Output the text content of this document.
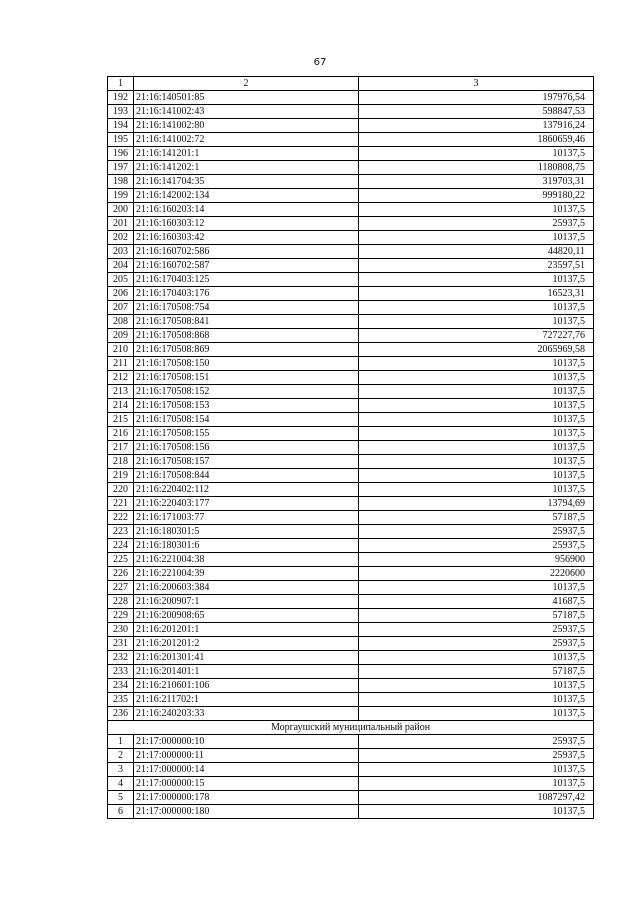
67
1	2	3
192	21:16:140501:85	197976,54
193	21:16:141002:43	598847,53
194	21:16:141002:80	137916,24
195	21:16:141002:72	1860659,46
196	21:16:141201:1	10137,5
197	21:16:141202:1	1180808,75
198	21:16:141704:35	319703,31
199	21:16:142002:134	999180,22
200	21:16:160203:14	10137,5
201	21:16:160303:12	25937,5
202	21:16:160303:42	10137,5
203	21:16:160702:586	44820,11
204	21:16:160702:587	23597,51
205	21:16:170403:125	10137,5
206	21:16:170403:176	16523,31
207	21:16:170508:754	10137,5
208	21:16:170508:841	10137,5
209	21:16:170508:868	727227,76
210	21:16:170508:869	2065969,58
211	21:16:170508:150	10137,5
212	21:16:170508:151	10137,5
213	21:16:170508:152	10137,5
214	21:16:170508:153	10137,5
215	21:16:170508:154	10137,5
216	21:16:170508:155	10137,5
217	21:16:170508:156	10137,5
218	21:16:170508:157	10137,5
219	21:16:170508:844	10137,5
220	21:16:220402:112	10137,5
221	21:16:220403:177	13794,69
222	21:16:171003:77	57187,5
223	21:16:180301:5	25937,5
224	21:16:180301:6	25937,5
225	21:16:221004:38	956900
226	21:16:221004:39	2220600
227	21:16:200603:384	10137,5
228	21:16:200907:1	41687,5
229	21:16:200908:65	57187,5
230	21:16:201201:1	25937,5
231	21:16:201201:2	25937,5
232	21:16:201301:41	10137,5
233	21:16:201401:1	57187,5
234	21:16:210601:106	10137,5
235	21:16:211702:1	10137,5
236	21:16:240203:33	10137,5
Моргаушский муниципальный район		
1	21:17:000000:10	25937,5
2	21:17:000000:11	25937,5
3	21:17:000000:14	10137,5
4	21:17:000000:15	10137,5
5	21:17:000000:178	1087297,42
6	21:17:000000:180	10137,5
